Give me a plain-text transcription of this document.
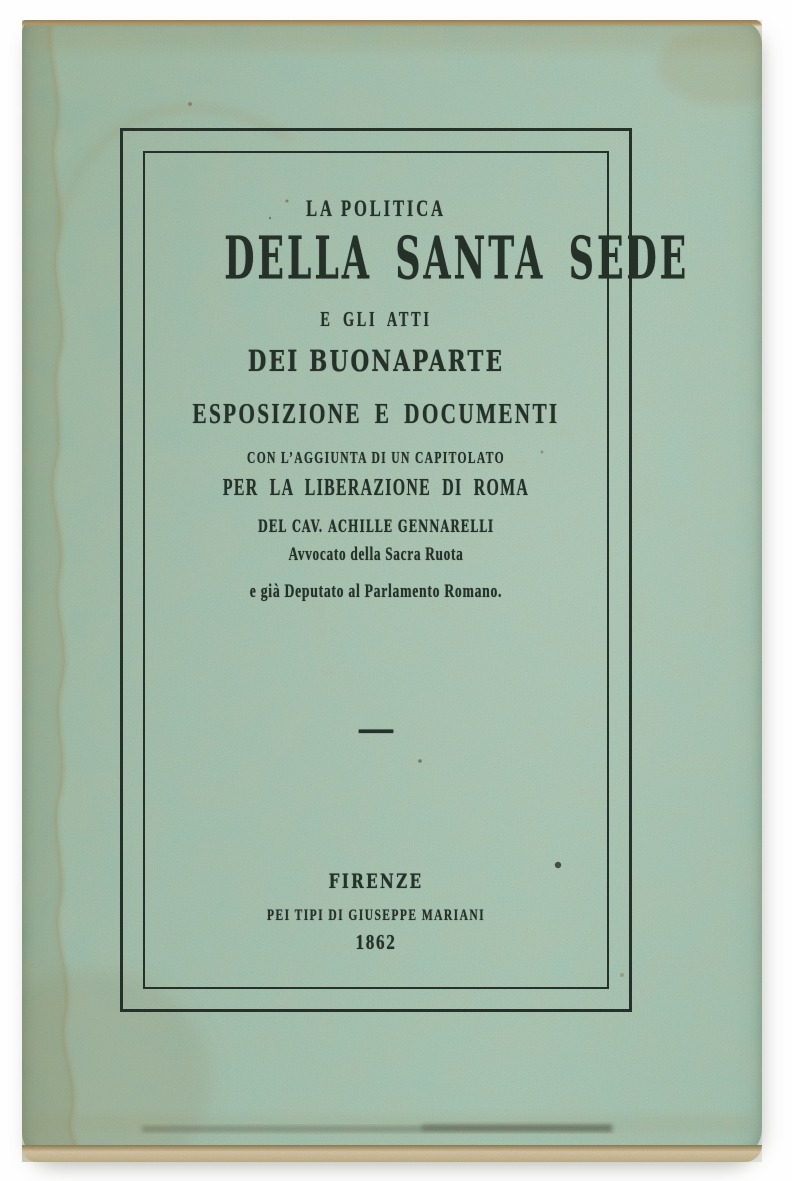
LA POLITICA
DELLA SANTA SEDE
E GLI ATTI
DEI BUONAPARTE
ESPOSIZIONE E DOCUMENTI
CON L’AGGIUNTA DI UN CAPITOLATO
PER LA LIBERAZIONE DI ROMA
DEL CAV. ACHILLE GENNARELLI
Avvocato della Sacra Ruota
e già Deputato al Parlamento Romano.
—
FIRENZE
PEI TIPI DI GIUSEPPE MARIANI
1862
